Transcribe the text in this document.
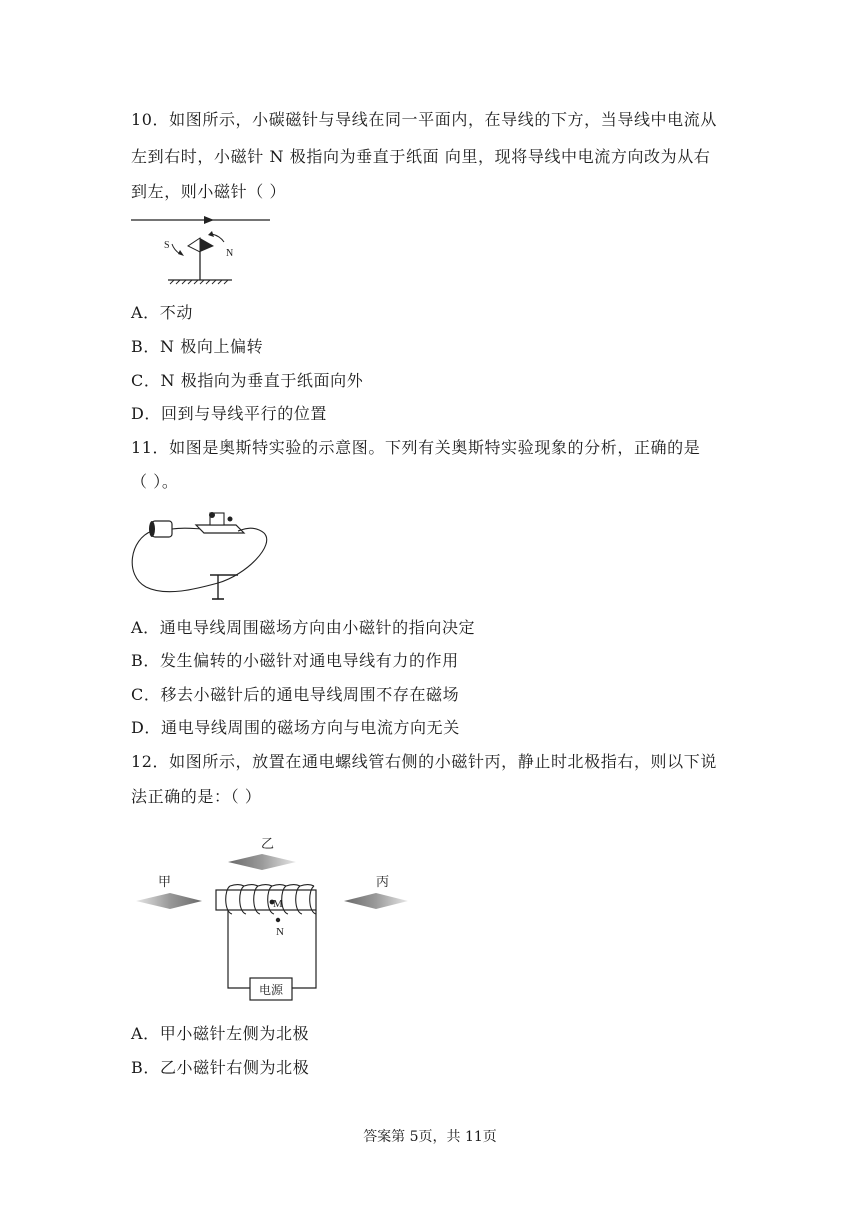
10．如图所示，小碳磁针与导线在同一平面内，在导线的下方，当导线中电流从
左到右时，小磁针 N 极指向为垂直于纸面 向里，现将导线中电流方向改为从右
到左，则小磁针（ ）
S
N
A．不动
B．N 极向上偏转
C．N 极指向为垂直于纸面向外
D．回到与导线平行的位置
11．如图是奥斯特实验的示意图。下列有关奥斯特实验现象的分析，正确的是
（ ）。
A．通电导线周围磁场方向由小磁针的指向决定
B．发生偏转的小磁针对通电导线有力的作用
C．移去小磁针后的通电导线周围不存在磁场
D．通电导线周围的磁场方向与电流方向无关
12．如图所示，放置在通电螺线管右侧的小磁针丙，静止时北极指右，则以下说
法正确的是：（ ）
乙
甲	丙
M
N
电源
A．甲小磁针左侧为北极
B．乙小磁针右侧为北极
答案第 5页，共 11页
